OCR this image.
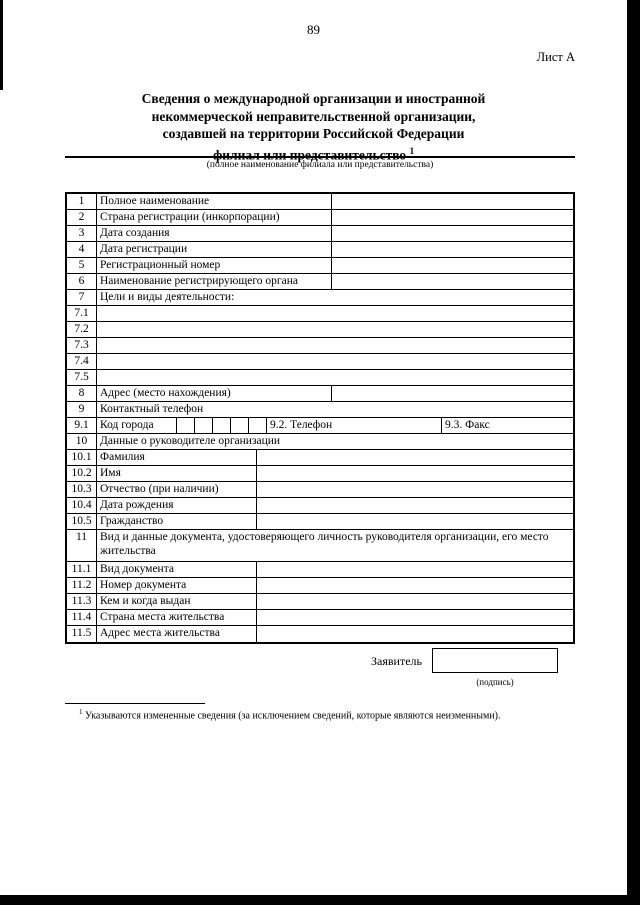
89
Лист А
Сведения о международной организации и иностранной
некоммерческой неправительственной организации,
создавшей на территории Российской Федерации
филиал или представительство $^1$
(полное наименование филиала или представительства)
1	Полное наименование
2	Страна регистрации (инкорпорации)
3	Дата создания
4	Дата регистрации
5	Регистрационный номер
6	Наименование регистрирующего органа
7	Цели и виды деятельности:
7.1
7.2
7.3
7.4
7.5
8	Адрес (место нахождения)
9	Контактный телефон
9.1 Код города	9.2. Телефон	9.3. Факс
10	Данные о руководителе организации
10.1 Фамилия
10.2 Имя
10.3 Отчество (при наличии)
10.4 Дата рождения
10.5 Гражданство
11	Вид и данные документа, удостоверяющего личность руководителя организации, его место жительства
11.1 Вид документа
11.2 Номер документа
11.3 Кем и когда выдан
11.4 Страна места жительства
11.5 Адрес места жительства
Заявитель
(подпись)
$^1$ Указываются измененные сведения (за исключением сведений, которые являются неизменными).
